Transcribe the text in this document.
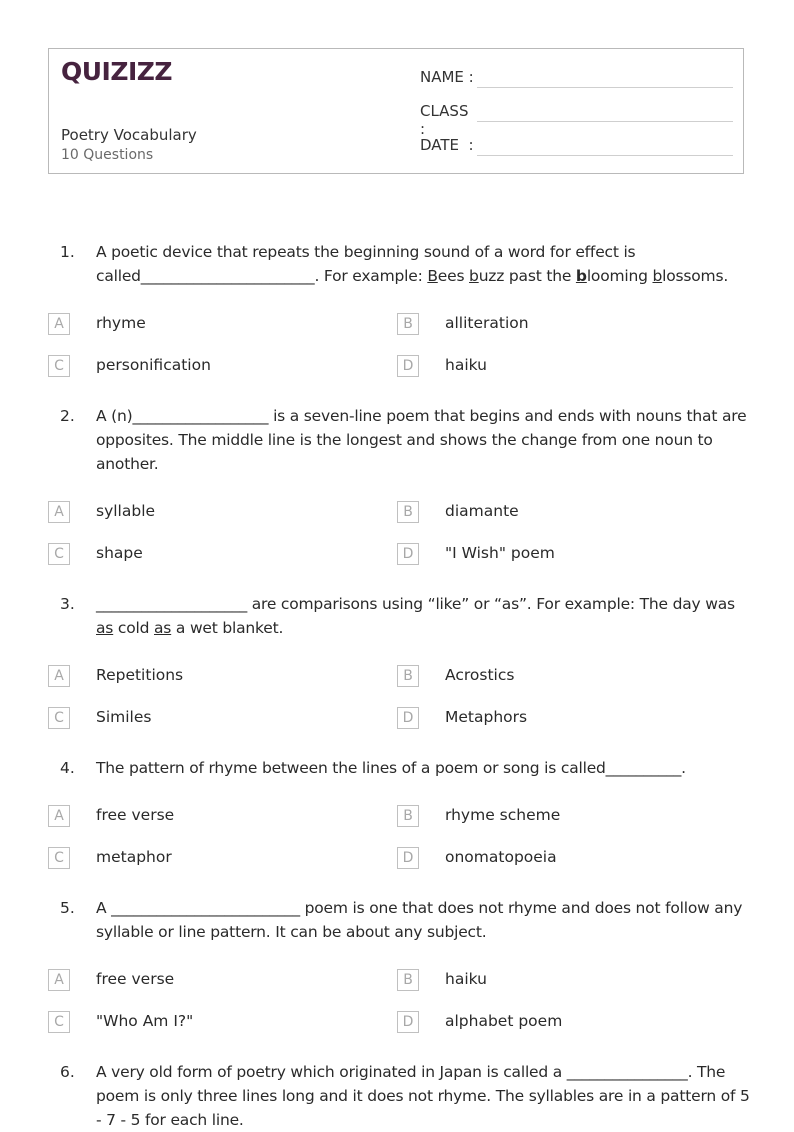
QUIZIZZ
Poetry Vocabulary
10 Questions
NAME :
CLASS :
DATE  :
1. A poetic device that repeats the beginning sound of a word for effect is called_______________________. For example: Bees buzz past the blooming blossoms.
A	rhyme	B	alliteration
C	personification	D	haiku
2. A (n)__________________ is a seven-line poem that begins and ends with nouns that are opposites. The middle line is the longest and shows the change from one noun to another.
A	syllable	B	diamante
C	shape	D	"I Wish" poem
3. ____________________ are comparisons using “like” or “as”. For example: The day was as cold as a wet blanket.
A	Repetitions	B	Acrostics
C	Similes	D	Metaphors
4. The pattern of rhyme between the lines of a poem or song is called__________.
A	free verse	B	rhyme scheme
C	metaphor	D	onomatopoeia
5. A _________________________ poem is one that does not rhyme and does not follow any syllable or line pattern. It can be about any subject.
A	free verse	B	haiku
C	"Who Am I?"	D	alphabet poem
6. A very old form of poetry which originated in Japan is called a ________________. The poem is only three lines long and it does not rhyme. The syllables are in a pattern of 5 - 7 - 5 for each line.
